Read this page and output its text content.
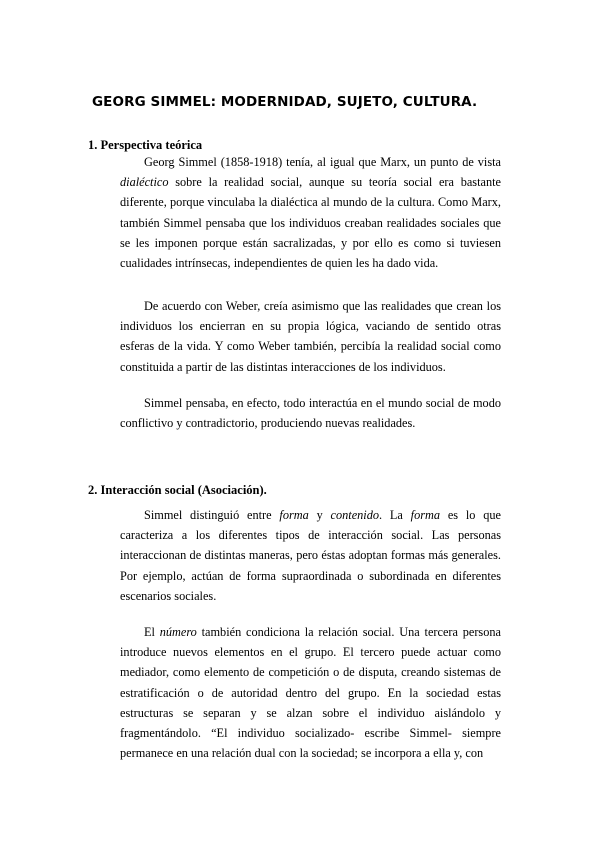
GEORG SIMMEL: MODERNIDAD, SUJETO, CULTURA.
1. Perspectiva teórica

Georg Simmel (1858-1918) tenía, al igual que Marx, un punto de vista dialéctico sobre la realidad social, aunque su teoría social era bastante diferente, porque vinculaba la dialéctica al mundo de la cultura. Como Marx, también Simmel pensaba que los individuos creaban realidades sociales que se les imponen porque están sacralizadas, y por ello es como si tuviesen cualidades intrínsecas, independientes de quien les ha dado vida.

De acuerdo con Weber, creía asimismo que las realidades que crean los individuos los encierran en su propia lógica, vaciando de sentido otras esferas de la vida. Y como Weber también, percibía la realidad social como constituida a partir de las distintas interacciones de los individuos.

Simmel pensaba, en efecto, todo interactúa en el mundo social de modo conflictivo y contradictorio, produciendo nuevas realidades.

2. Interacción social (Asociación).

Simmel distinguió entre forma y contenido. La forma es lo que caracteriza a los diferentes tipos de interacción social. Las personas interaccionan de distintas maneras, pero éstas adoptan formas más generales. Por ejemplo, actúan de forma supraordinada o subordinada en diferentes escenarios sociales.

El número también condiciona la relación social. Una tercera persona introduce nuevos elementos en el grupo. El tercero puede actuar como mediador, como elemento de competición o de disputa, creando sistemas de estratificación o de autoridad dentro del grupo. En la sociedad estas estructuras se separan y se alzan sobre el individuo aislándolo y fragmentándolo. “El individuo socializado- escribe Simmel- siempre permanece en una relación dual con la sociedad; se incorpora a ella y, con
